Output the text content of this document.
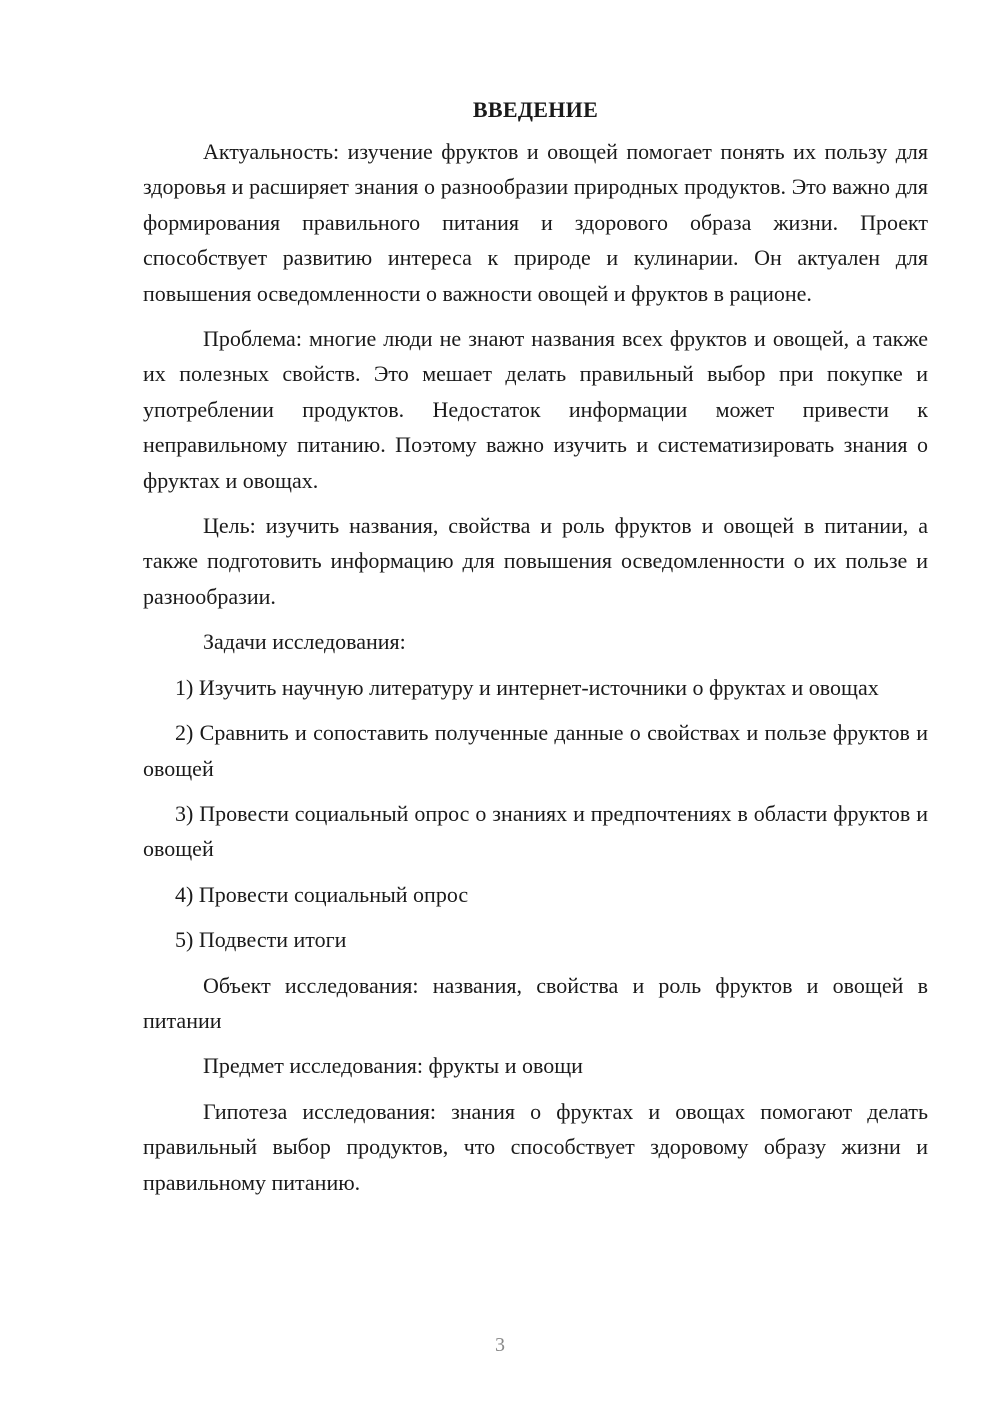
ВВЕДЕНИЕ

Актуальность: изучение фруктов и овощей помогает понять их пользу для здоровья и расширяет знания о разнообразии природных продуктов. Это важно для формирования правильного питания и здорового образа жизни. Проект способствует развитию интереса к природе и кулинарии. Он актуален для повышения осведомленности о важности овощей и фруктов в рационе.

Проблема: многие люди не знают названия всех фруктов и овощей, а также их полезных свойств. Это мешает делать правильный выбор при покупке и употреблении продуктов. Недостаток информации может привести к неправильному питанию. Поэтому важно изучить и систематизировать знания о фруктах и овощах.

Цель: изучить названия, свойства и роль фруктов и овощей в питании, а также подготовить информацию для повышения осведомленности о их пользе и разнообразии.

Задачи исследования:

1) Изучить научную литературу и интернет-источники о фруктах и овощах

2) Сравнить и сопоставить полученные данные о свойствах и пользе фруктов и овощей

3) Провести социальный опрос о знаниях и предпочтениях в области фруктов и овощей

4) Провести социальный опрос

5) Подвести итоги

Объект исследования: названия, свойства и роль фруктов и овощей в питании

Предмет исследования: фрукты и овощи

Гипотеза исследования: знания о фруктах и овощах помогают делать правильный выбор продуктов, что способствует здоровому образу жизни и правильному питанию.

3
